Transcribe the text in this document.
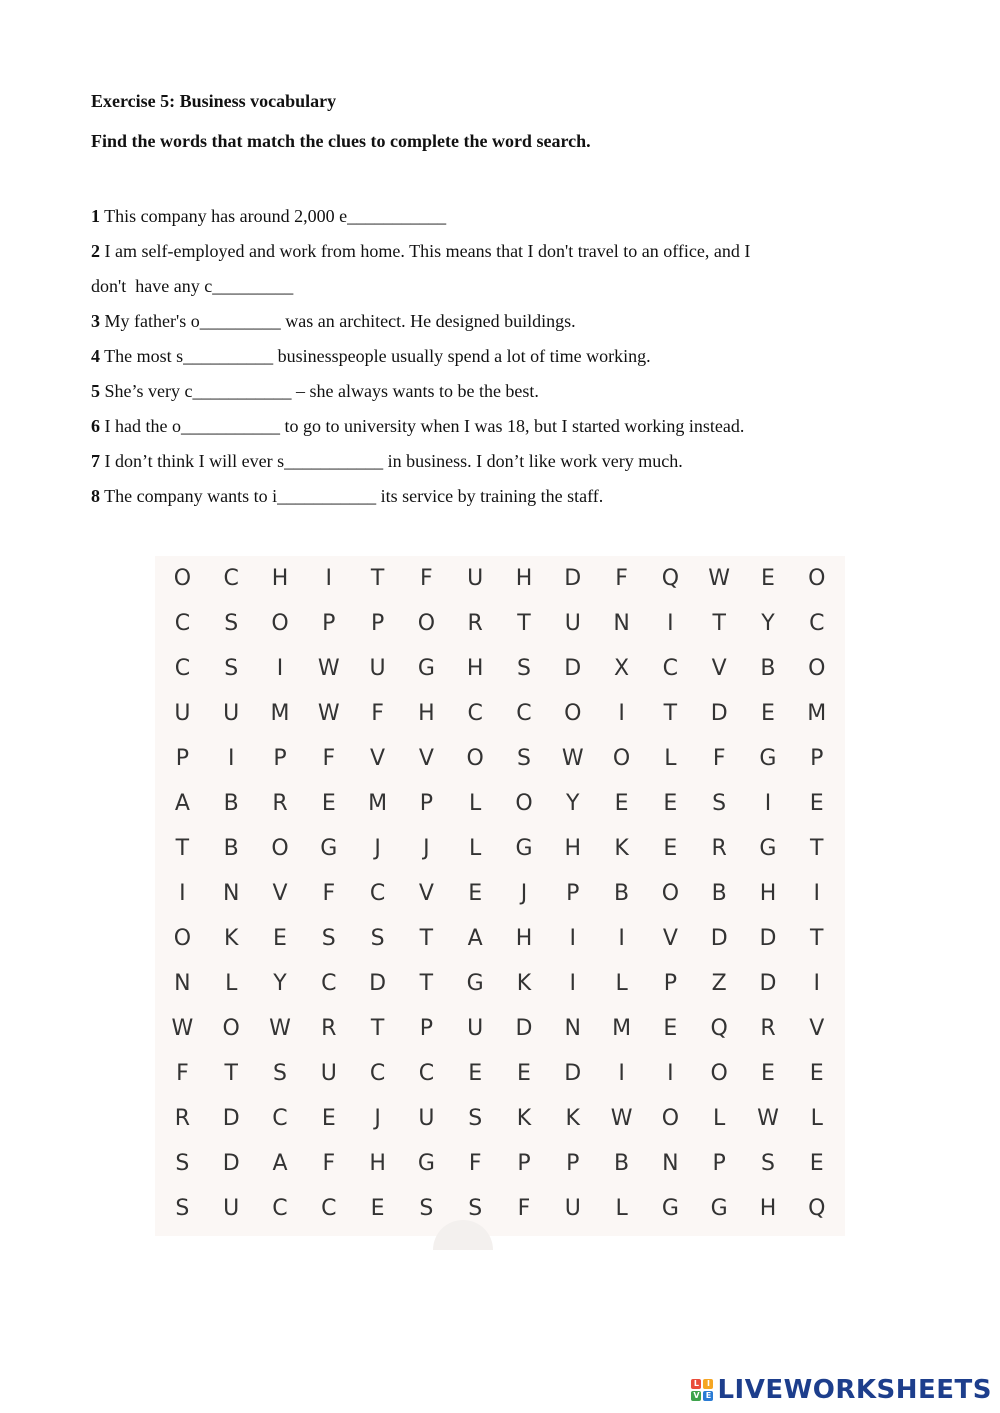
Exercise 5: Business vocabulary
Find the words that match the clues to complete the word search.

1 This company has around 2,000 e___________

2 I am self-employed and work from home. This means that I don't travel to an office, and I

don't  have any c_________

3 My father's o_________ was an architect. He designed buildings.

4 The most s__________ businesspeople usually spend a lot of time working.

5 She’s very c___________ – she always wants to be the best.

6 I had the o___________ to go to university when I was 18, but I started working instead.

7 I don’t think I will ever s___________ in business. I don’t like work very much.

8 The company wants to i___________ its service by training the staff.

O	C	H	I	T	F	U	H	D	F	Q	W	E	O
C	S	O	P	P	O	R	T	U	N	I	T	Y	C
C	S	I	W	U	G	H	S	D	X	C	V	B	O
U	U	M	W	F	H	C	C	O	I	T	D	E	M
P	I	P	F	V	V	O	S	W	O	L	F	G	P
A	B	R	E	M	P	L	O	Y	E	E	S	I	E
T	B	O	G	J	J	L	G	H	K	E	R	G	T
I	N	V	F	C	V	E	J	P	B	O	B	H	I
O	K	E	S	S	T	A	H	I	I	V	D	D	T
N	L	Y	C	D	T	G	K	I	L	P	Z	D	I
W	O	W	R	T	P	U	D	N	M	E	Q	R	V
F	T	S	U	C	C	E	E	D	I	I	O	E	E
R	D	C	E	J	U	S	K	K	W	O	L	W	L
S	D	A	F	H	G	F	P	P	B	N	P	S	E
S	U	C	C	E	S	S	F	U	L	G	G	H	Q
L I
V E LIVEWORKSHEETS
